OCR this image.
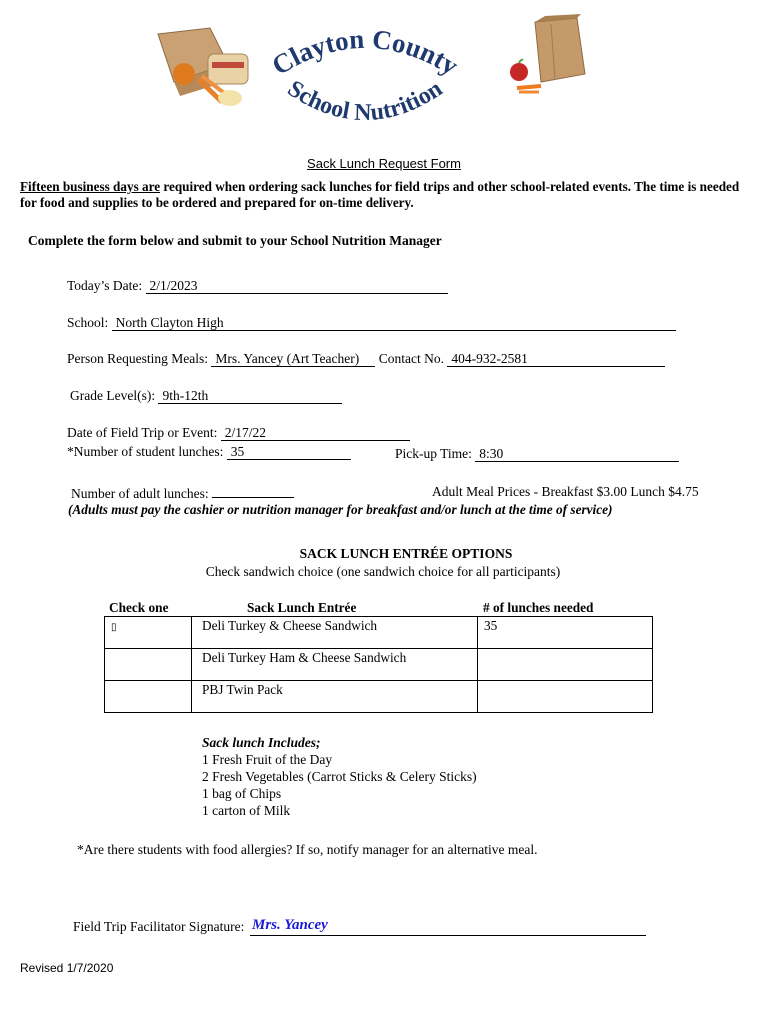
Clayton County
School Nutrition
Sack Lunch Request Form
Fifteen business days are required when ordering sack lunches for field trips and other school-related events. The time is needed for food and supplies to be ordered and prepared for on-time delivery.
Complete the form below and submit to your School Nutrition Manager
Today’s Date: 2/1/2023
School: North Clayton High
Person Requesting Meals: Mrs. Yancey (Art Teacher) Contact No. 404-932-2581
Grade Level(s): 9th-12th
Date of Field Trip or Event: 2/17/22
*Number of student lunches: 35	Pick-up Time: 8:30
Number of adult lunches:	Adult Meal Prices - Breakfast $3.00 Lunch $4.75
(Adults must pay the cashier or nutrition manager for breakfast and/or lunch at the time of service)
SACK LUNCH ENTRÉE OPTIONS
Check sandwich choice (one sandwich choice for all participants)
Check one	Sack Lunch Entrée	# of lunches needed
▯	Deli Turkey & Cheese Sandwich	35
	Deli Turkey Ham & Cheese Sandwich	
	PBJ Twin Pack	
Sack lunch Includes;
1 Fresh Fruit of the Day
2 Fresh Vegetables (Carrot Sticks & Celery Sticks)
1 bag of Chips
1 carton of Milk
*Are there students with food allergies? If so, notify manager for an alternative meal.
Field Trip Facilitator Signature: Mrs. Yancey
Revised 1/7/2020
